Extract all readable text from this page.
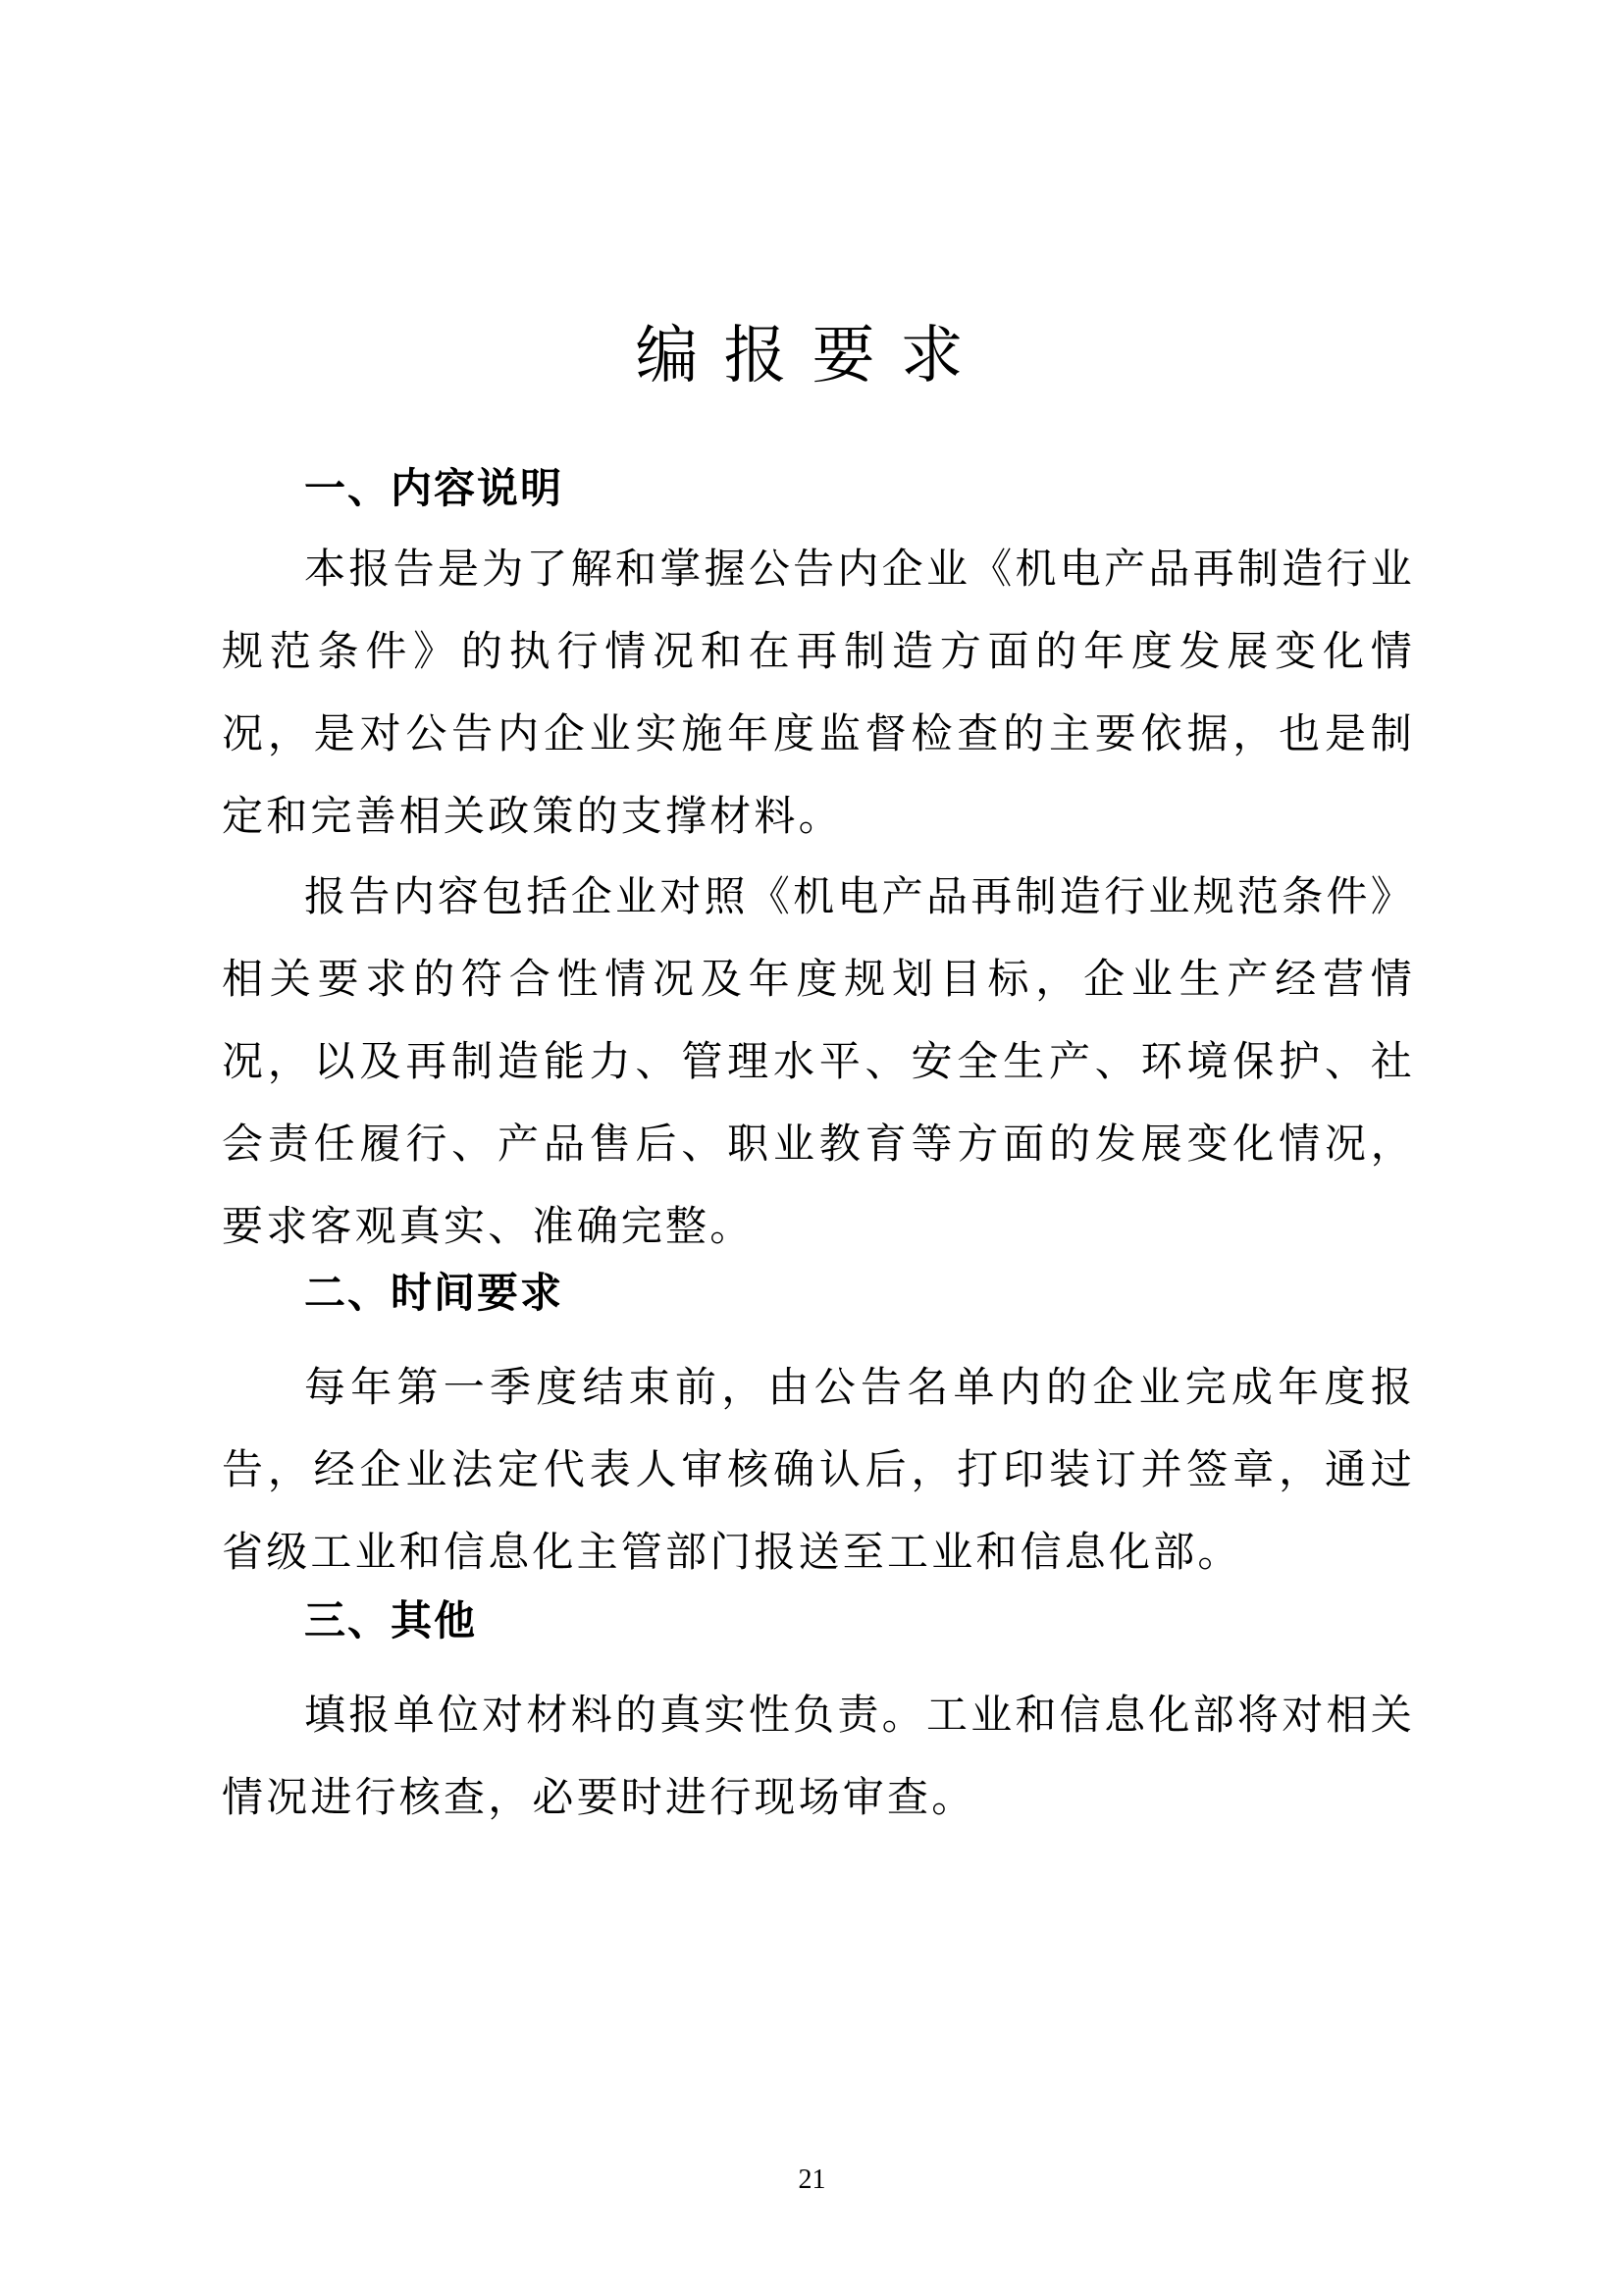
编报要求
一、内容说明
本报告是为了解和掌握公告内企业《机电产品再制造行业规范条件》的执行情况和在再制造方面的年度发展变化情况，是对公告内企业实施年度监督检查的主要依据，也是制定和完善相关政策的支撑材料。
报告内容包括企业对照《机电产品再制造行业规范条件》相关要求的符合性情况及年度规划目标，企业生产经营情况，以及再制造能力、管理水平、安全生产、环境保护、社会责任履行、产品售后、职业教育等方面的发展变化情况，要求客观真实、准确完整。
二、时间要求
每年第一季度结束前，由公告名单内的企业完成年度报告，经企业法定代表人审核确认后，打印装订并签章，通过省级工业和信息化主管部门报送至工业和信息化部。
三、其他
填报单位对材料的真实性负责。工业和信息化部将对相关情况进行核查，必要时进行现场审查。
21
